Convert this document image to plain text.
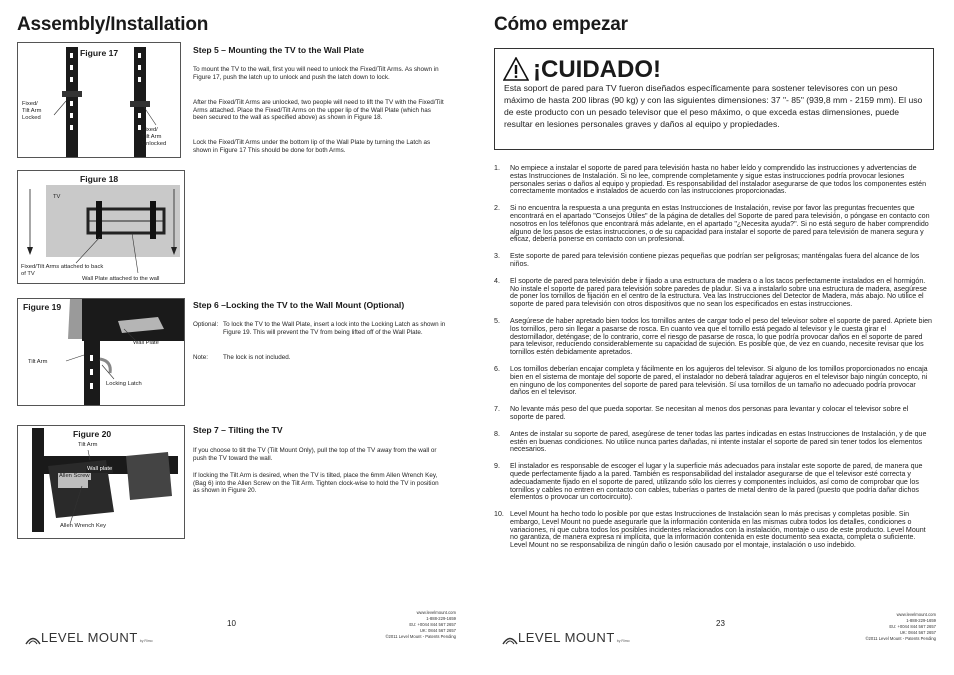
Assembly/Installation
Figure 17
Fixed/
Tilt Arm
Locked
Fixed/
Tilt Arm
Unlocked
Step 5 – Mounting the TV to the Wall Plate
To mount the TV to the wall, first you will need to unlock the Fixed/Tilt Arms. As shown in Figure 17, push the latch up to unlock and push the latch down to lock.
After the Fixed/Tilt Arms are unlocked, two people will need to lift the TV with the Fixed/Tilt Arms attached. Place the Fixed/Tilt Arms on the upper lip of the Wall Plate (which has been secured to the wall as specified above) as shown in Figure 18.
Lock the Fixed/Tilt Arms under the bottom lip of the Wall Plate by turning the Latch as shown in Figure 17 This should be done for both Arms.
Figure 18
TV
Fixed/Tilt Arms attached to back
of TV
Wall Plate attached to the wall
Figure 19
Wall Plate
Tilt Arm
Locking Latch
Step 6 –Locking the TV to the Wall Mount (Optional)
Optional: To lock the TV to the Wall Plate, insert a lock into the Locking Latch as shown in Figure 19. This will prevent the TV from being lifted off of the Wall Plate.
Note: The lock is not included.
Figure 20
Tilt Arm
Wall plate
Allen Screw
Allen Wrench Key
Step 7 – Tilting the TV
If you choose to tilt the TV (Tilt Mount Only), pull the top of the TV away from the wall or push the TV toward the wall.
If locking the Tilt Arm is desired, when the TV is tilted, place the 6mm Allen Wrench Key, (Bag 6) into the Allen Screw on the Tilt Arm. Tighten clock-wise to hold the TV in position as shown in Figure 20.
LEVEL MOUNT by Rimo
10
www.levelmount.com
1-888-229-1659
EU: +0044 844 567 2657
UK: 0844 567 2657
©2011 Level Mount - Patents Pending
Cómo empezar
¡CUIDADO!
Esta soport de pared para TV fueron diseñados específicamente para sostener televisores con un peso máximo de hasta 200 libras (90 kg) y con las siguientes dimensiones: 37 "- 85" (939,8 mm - 2159 mm). El uso de este producto con un pesado televisor que el peso máximo, o que exceda estas dimensiones, puede resultar en lesiones personales graves y daños al equipo y propiedades.
1. No empiece a instalar el soporte de pared para televisión hasta no haber leído y comprendido las instrucciones y advertencias de estas Instrucciones de Instalación. Si no lee, comprende completamente y sigue estas instrucciones podría provocar lesiones personales serias o daños al equipo y propiedad. Es responsabilidad del instalador asegurarse de que todos los componentes estén correctamente montados e instalados de acuerdo con las instrucciones proporcionadas.
2. Si no encuentra la respuesta a una pregunta en estas Instrucciones de Instalación, revise por favor las preguntas frecuentes que encontrará en el apartado "Consejos Útiles" de la página de detalles del Soporte de pared para televisión, o póngase en contacto con nosotros en los teléfonos que encontrará más adelante, en el apartado "¿Necesita ayuda?". Si no está seguro de haber comprendido alguno de los pasos de estas instrucciones, o de su capacidad para instalar el soporte de pared para televisión de manera segura y eficaz, debería ponerse en contacto con un profesional.
3. Este soporte de pared para televisión contiene piezas pequeñas que podrían ser peligrosas; manténgalas fuera del alcance de los niños.
4. El soporte de pared para televisión debe ir fijado a una estructura de madera o a los tacos perfectamente instalados en el hormigón. No instale el soporte de pared para televisión sobre paredes de pladur. Si va a instalarlo sobre una estructura de madera, asegúrese de poner los tornillos de fijación en el centro de la estructura. Vea las Instrucciones del Detector de Madera, más abajo. No utilice el soporte de pared para televisión con otros dispositivos que no sean los especificados en estas instrucciones.
5. Asegúrese de haber apretado bien todos los tornillos antes de cargar todo el peso del televisor sobre el soporte de pared. Apriete bien los tornillos, pero sin llegar a pasarse de rosca. En cuanto vea que el tornillo está pegado al televisor y le cuesta girar el destornillador, deténgase; de lo contrario, corre el riesgo de pasarse de rosca, lo que podría provocar daños en el soporte de pared para televisor, reduciendo considerablemente su capacidad de sujeción. Es posible que, de vez en cuando, necesite revisar que los tornillos estén debidamente apretados.
6. Los tornillos deberían encajar completa y fácilmente en los agujeros del televisor. Si alguno de los tornillos proporcionados no encaja bien en el sistema de montaje del soporte de pared, el instalador no deberá taladrar agujeros en el televisor bajo ningún concepto, ni en ninguno de los componentes del soporte de pared para televisión. Sí usa tornillos de un tamaño no adecuado podría provocar daños en el televisor.
7. No levante más peso del que pueda soportar. Se necesitan al menos dos personas para levantar y colocar el televisor sobre el soporte de pared.
8. Antes de instalar su soporte de pared, asegúrese de tener todas las partes indicadas en estas Instrucciones de Instalación, y de que estén en buenas condiciones. No utilice nunca partes dañadas, ni intente instalar el soporte de pared sin tener todos los elementos necesarios.
9. El instalador es responsable de escoger el lugar y la superficie más adecuados para instalar este soporte de pared, de manera que quede perfectamente fijado a la pared. También es responsabilidad del instalador asegurarse de que el televisor esté correcta y adecuadamente fijado en el soporte de pared, utilizando sólo los cierres y componentes incluidos, así como de comprobar que los tornillos y cables no entren en contacto con cables, tuberías o partes de metal dentro de la pared (puesto que podría dañar dichos elementos o provocar un cortocircuito).
10. Level Mount ha hecho todo lo posible por que estas Instrucciones de Instalación sean lo más precisas y completas posible. Sin embargo, Level Mount no puede asegurarle que la información contenida en las mismas cubra todos los detalles, condiciones o variaciones, ni que cubra todos los posibles incidentes relacionados con la instalación, montaje o uso de este producto. Level Mount no garantiza, de manera expresa ni implícita, que la información contenida en este documento sea exacta, completa o suficiente. Level Mount no se responsabiliza de ningún daño o lesión causado por el montaje, instalación o uso indebido.
LEVEL MOUNT by Rimo
23
www.levelmount.com
1-888-229-1659
EU: +0044 844 567 2657
UK: 0844 567 2657
©2011 Level Mount - Patents Pending
